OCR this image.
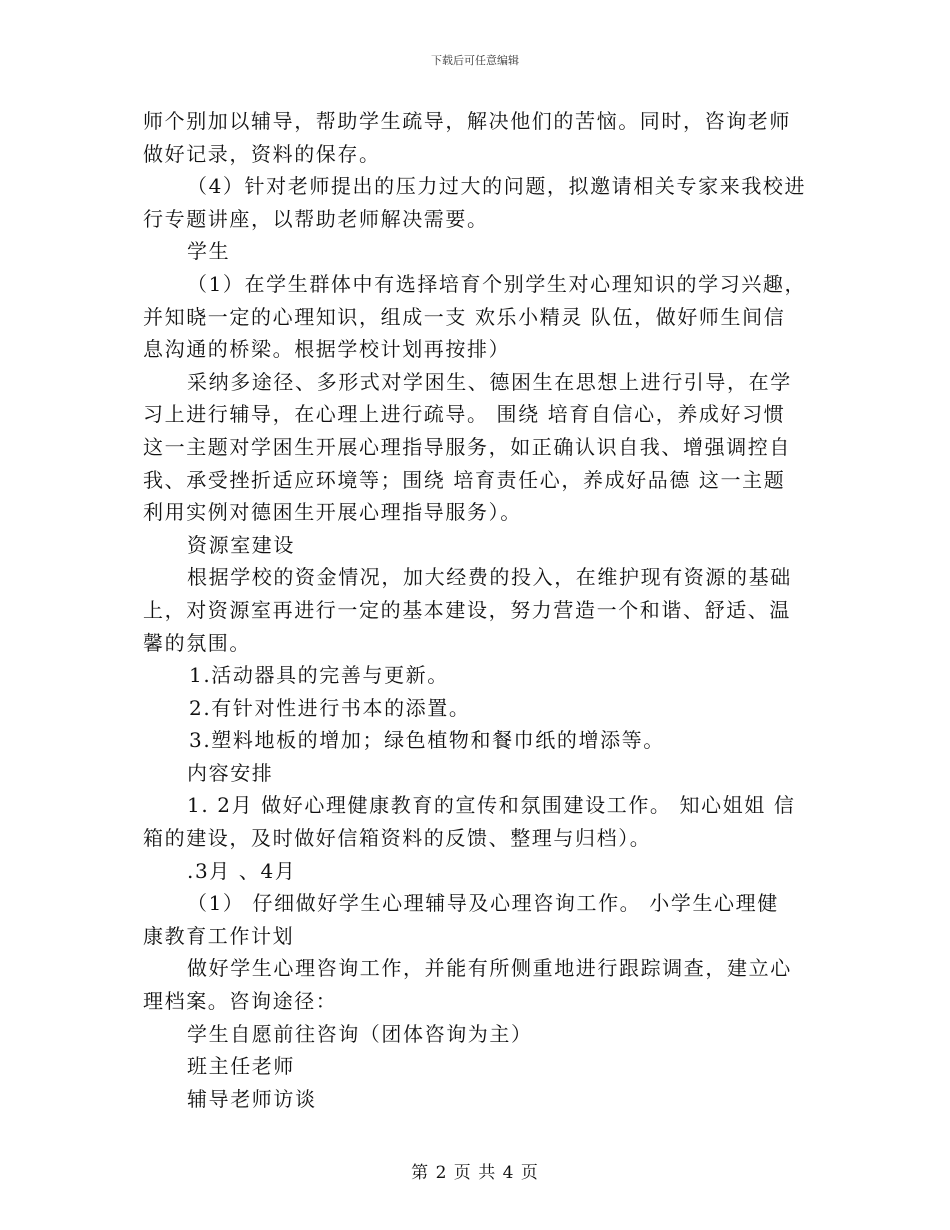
下载后可任意编辑
师个别加以辅导，帮助学生疏导，解决他们的苦恼。同时，咨询老师
做好记录，资料的保存。
（4）针对老师提出的压力过大的问题，拟邀请相关专家来我校进
行专题讲座，以帮助老师解决需要。
学生
（1）在学生群体中有选择培育个别学生对心理知识的学习兴趣，
并知晓一定的心理知识，组成一支 欢乐小精灵 队伍，做好师生间信
息沟通的桥梁。根据学校计划再按排）
采纳多途径、多形式对学困生、德困生在思想上进行引导，在学
习上进行辅导，在心理上进行疏导。 围绕 培育自信心，养成好习惯
这一主题对学困生开展心理指导服务，如正确认识自我、增强调控自
我、承受挫折适应环境等；围绕 培育责任心，养成好品德 这一主题
利用实例对德困生开展心理指导服务）。
资源室建设
根据学校的资金情况，加大经费的投入，在维护现有资源的基础
上，对资源室再进行一定的基本建设，努力营造一个和谐、舒适、温
馨的氛围。
1.活动器具的完善与更新。
2.有针对性进行书本的添置。
3.塑料地板的增加；绿色植物和餐巾纸的增添等。
内容安排
1. 2月 做好心理健康教育的宣传和氛围建设工作。 知心姐姐 信
箱的建设，及时做好信箱资料的反馈、整理与归档）。
.3月 、4月
（1） 仔细做好学生心理辅导及心理咨询工作。 小学生心理健
康教育工作计划
做好学生心理咨询工作，并能有所侧重地进行跟踪调查，建立心
理档案。咨询途径：
学生自愿前往咨询（团体咨询为主）
班主任老师
辅导老师访谈
第 2 页 共 4 页
